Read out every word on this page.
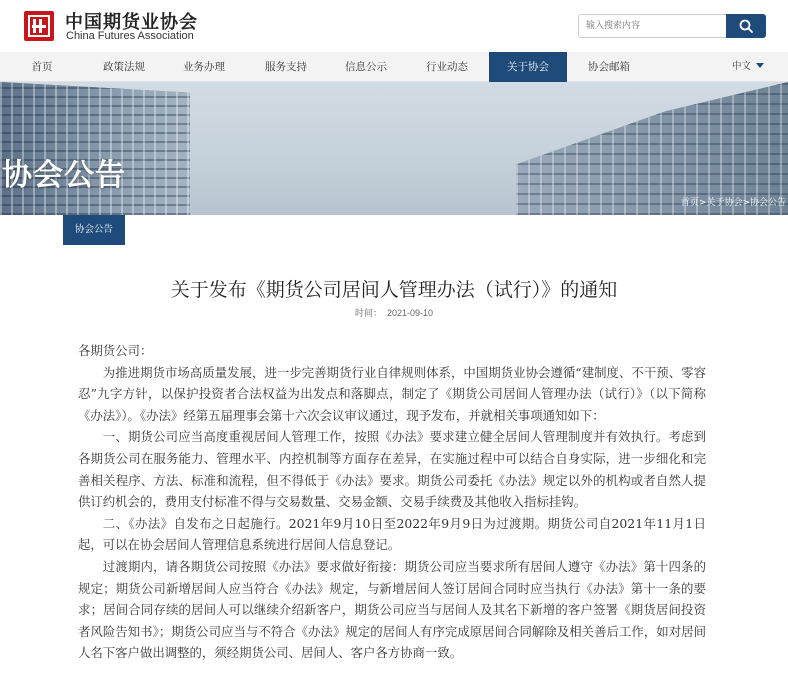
中国期货业协会
China Futures Association
输入搜索内容
首页	政策法规	业务办理	服务支持	信息公示	行业动态	关于协会	协会邮箱	中文
协会公告
首页>关于协会>协会公告
协会公告
关于发布《期货公司居间人管理办法（试行）》的通知
时间： 2021-09-10

各期货公司：

为推进期货市场高质量发展，进一步完善期货行业自律规则体系，中国期货业协会遵循“建制度、不干预、零容忍”九字方针，以保护投资者合法权益为出发点和落脚点，制定了《期货公司居间人管理办法（试行）》（以下简称《办法》）。《办法》经第五届理事会第十六次会议审议通过，现予发布，并就相关事项通知如下：

一、期货公司应当高度重视居间人管理工作，按照《办法》要求建立健全居间人管理制度并有效执行。考虑到各期货公司在服务能力、管理水平、内控机制等方面存在差异，在实施过程中可以结合自身实际，进一步细化和完善相关程序、方法、标准和流程，但不得低于《办法》要求。期货公司委托《办法》规定以外的机构或者自然人提供订约机会的，费用支付标准不得与交易数量、交易金额、交易手续费及其他收入指标挂钩。

二、《办法》自发布之日起施行。2021年9月10日至2022年9月9日为过渡期。期货公司自2021年11月1日起，可以在协会居间人管理信息系统进行居间人信息登记。

过渡期内，请各期货公司按照《办法》要求做好衔接：期货公司应当要求所有居间人遵守《办法》第十四条的规定；期货公司新增居间人应当符合《办法》规定，与新增居间人签订居间合同时应当执行《办法》第十一条的要求；居间合同存续的居间人可以继续介绍新客户，期货公司应当与居间人及其名下新增的客户签署《期货居间投资者风险告知书》；期货公司应当与不符合《办法》规定的居间人有序完成原居间合同解除及相关善后工作，如对居间人名下客户做出调整的，须经期货公司、居间人、客户各方协商一致。
